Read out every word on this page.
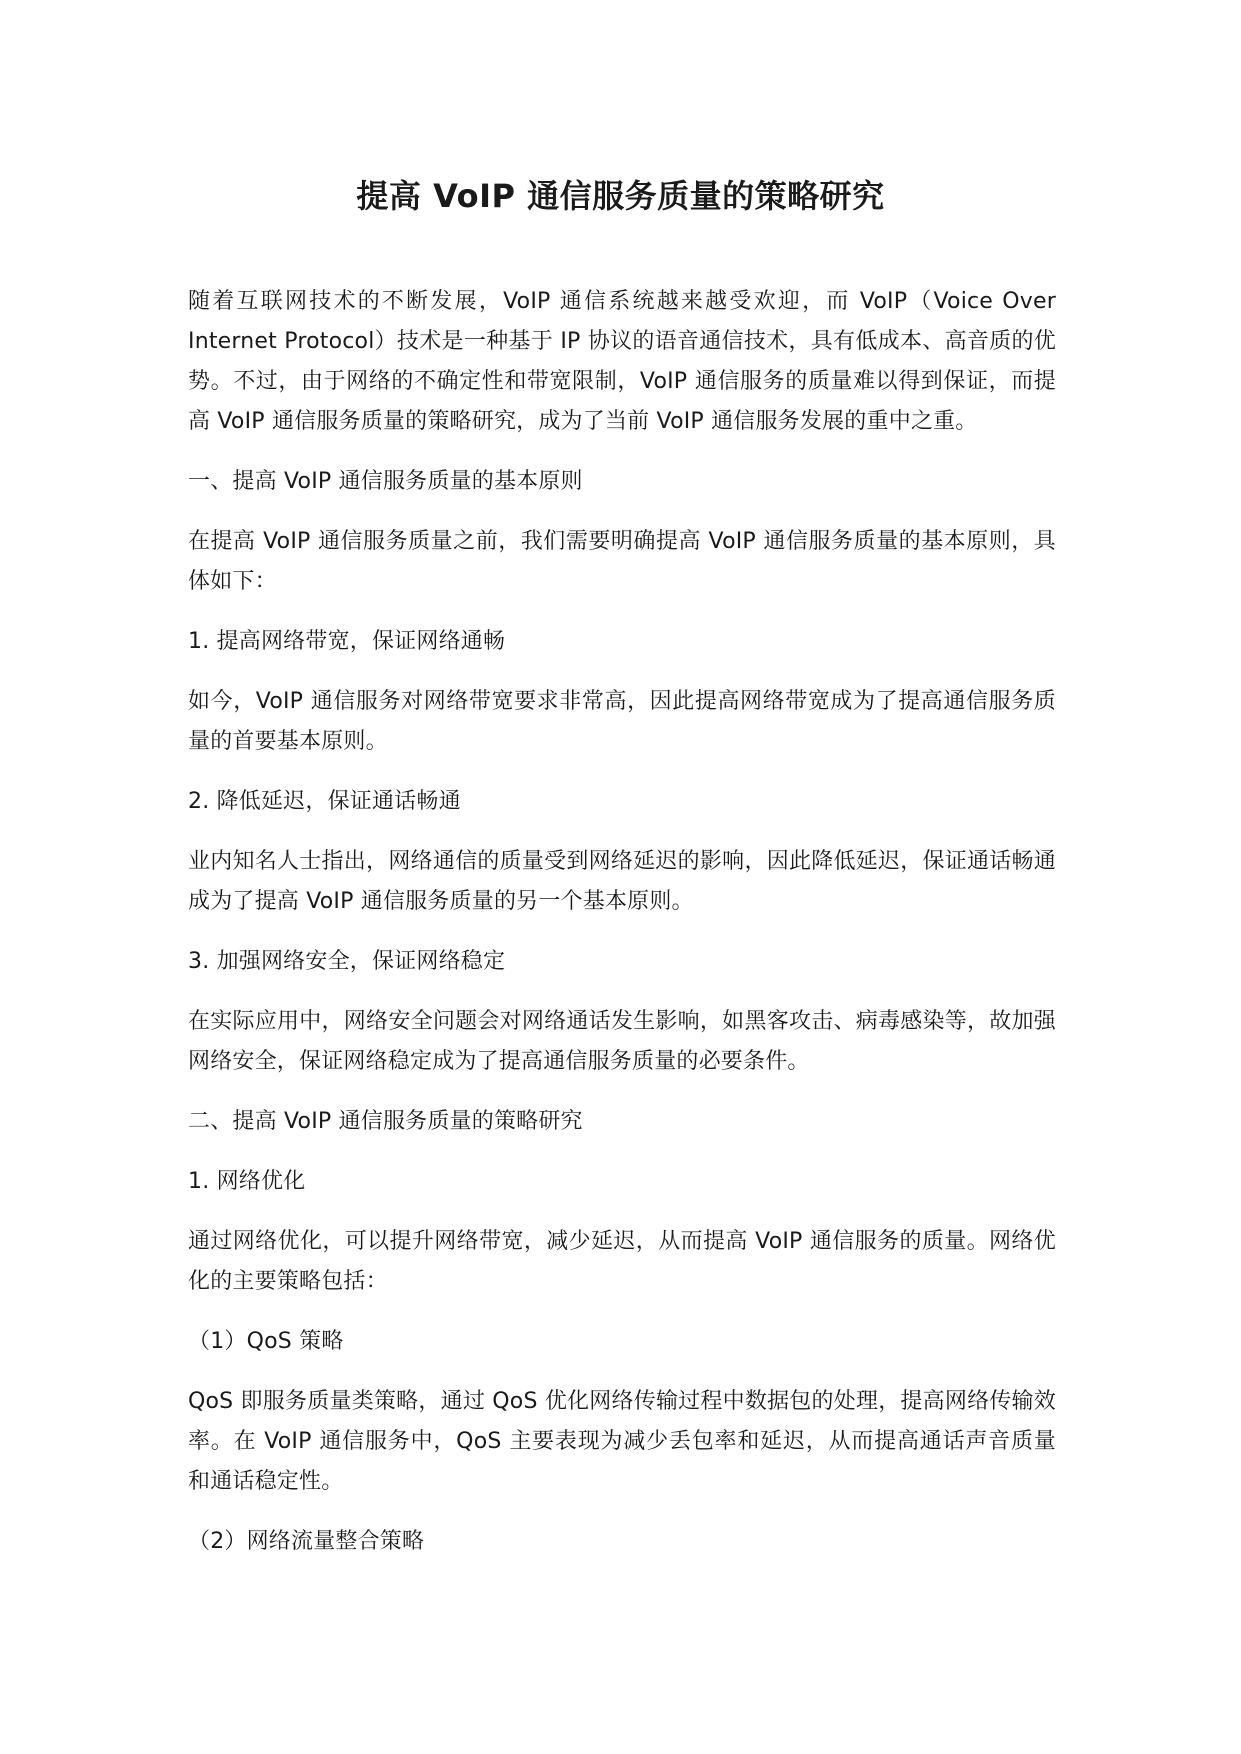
提高 VoIP 通信服务质量的策略研究

随着互联网技术的不断发展，VoIP 通信系统越来越受欢迎，而 VoIP（Voice Over Internet Protocol）技术是一种基于 IP 协议的语音通信技术，具有低成本、高音质的优势。不过，由于网络的不确定性和带宽限制，VoIP 通信服务的质量难以得到保证，而提高 VoIP 通信服务质量的策略研究，成为了当前 VoIP 通信服务发展的重中之重。

一、提高 VoIP 通信服务质量的基本原则

在提高 VoIP 通信服务质量之前，我们需要明确提高 VoIP 通信服务质量的基本原则，具体如下：

1. 提高网络带宽，保证网络通畅

如今，VoIP 通信服务对网络带宽要求非常高，因此提高网络带宽成为了提高通信服务质量的首要基本原则。

2. 降低延迟，保证通话畅通

业内知名人士指出，网络通信的质量受到网络延迟的影响，因此降低延迟，保证通话畅通成为了提高 VoIP 通信服务质量的另一个基本原则。

3. 加强网络安全，保证网络稳定

在实际应用中，网络安全问题会对网络通话发生影响，如黑客攻击、病毒感染等，故加强网络安全，保证网络稳定成为了提高通信服务质量的必要条件。

二、提高 VoIP 通信服务质量的策略研究

1. 网络优化

通过网络优化，可以提升网络带宽，减少延迟，从而提高 VoIP 通信服务的质量。网络优化的主要策略包括：

（1）QoS 策略

QoS 即服务质量类策略，通过 QoS 优化网络传输过程中数据包的处理，提高网络传输效率。在 VoIP 通信服务中，QoS 主要表现为减少丢包率和延迟，从而提高通话声音质量和通话稳定性。

（2）网络流量整合策略
